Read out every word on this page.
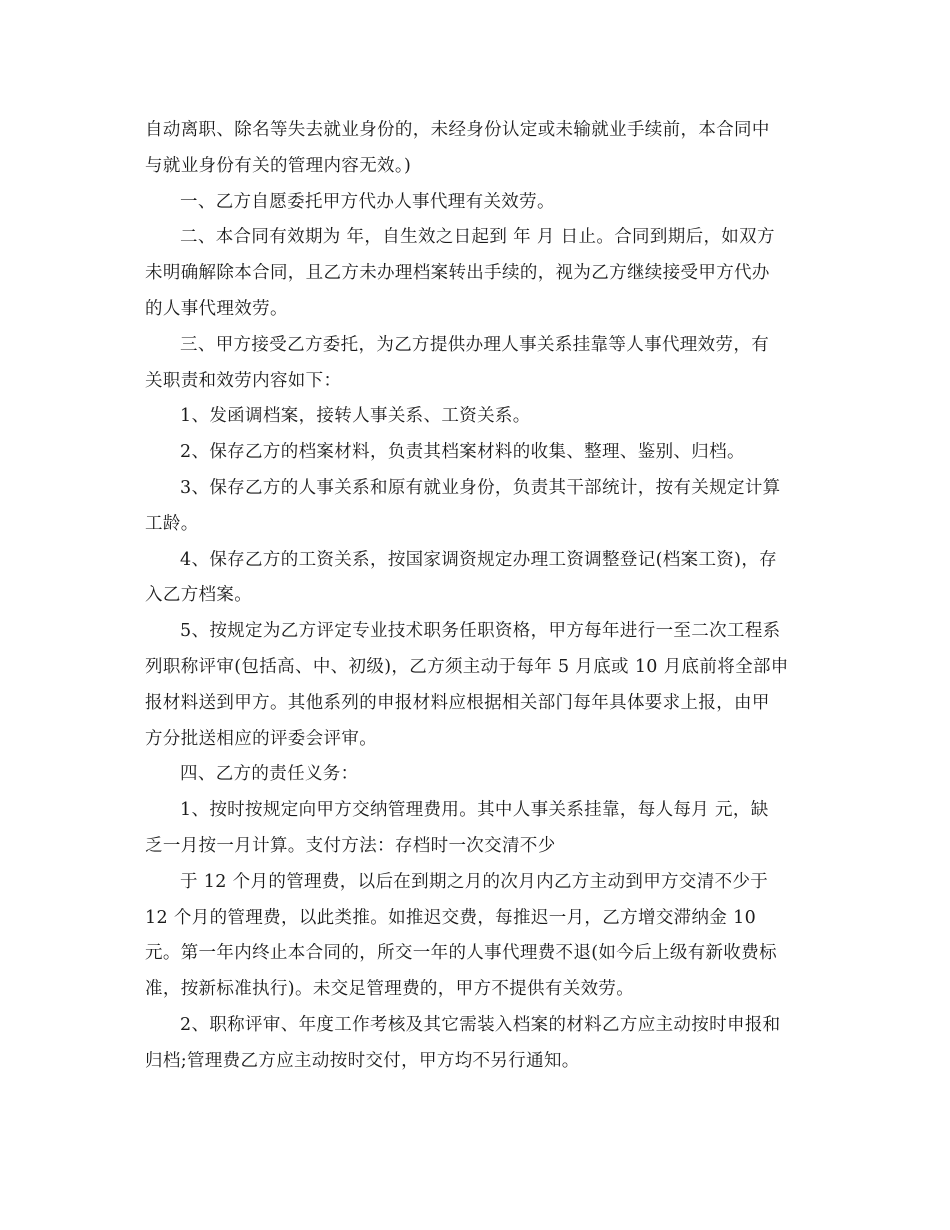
自动离职、除名等失去就业身份的，未经身份认定或未输就业手续前，本合同中
与就业身份有关的管理内容无效。)

一、乙方自愿委托甲方代办人事代理有关效劳。

二、本合同有效期为 年，自生效之日起到 年 月 日止。合同到期后，如双方
未明确解除本合同，且乙方未办理档案转出手续的，视为乙方继续接受甲方代办
的人事代理效劳。

三、甲方接受乙方委托，为乙方提供办理人事关系挂靠等人事代理效劳，有
关职责和效劳内容如下：

1、发函调档案，接转人事关系、工资关系。

2、保存乙方的档案材料，负责其档案材料的收集、整理、鉴别、归档。

3、保存乙方的人事关系和原有就业身份，负责其干部统计，按有关规定计算
工龄。

4、保存乙方的工资关系，按国家调资规定办理工资调整登记(档案工资)，存
入乙方档案。

5、按规定为乙方评定专业技术职务任职资格，甲方每年进行一至二次工程系
列职称评审(包括高、中、初级)，乙方须主动于每年 5 月底或 10 月底前将全部申
报材料送到甲方。其他系列的申报材料应根据相关部门每年具体要求上报，由甲
方分批送相应的评委会评审。

四、乙方的责任义务：

1、按时按规定向甲方交纳管理费用。其中人事关系挂靠，每人每月 元，缺
乏一月按一月计算。支付方法：存档时一次交清不少

于 12 个月的管理费，以后在到期之月的次月内乙方主动到甲方交清不少于
12 个月的管理费，以此类推。如推迟交费，每推迟一月，乙方增交滞纳金 10
元。第一年内终止本合同的，所交一年的人事代理费不退(如今后上级有新收费标
准，按新标准执行)。未交足管理费的，甲方不提供有关效劳。

2、职称评审、年度工作考核及其它需装入档案的材料乙方应主动按时申报和
归档;管理费乙方应主动按时交付，甲方均不另行通知。
